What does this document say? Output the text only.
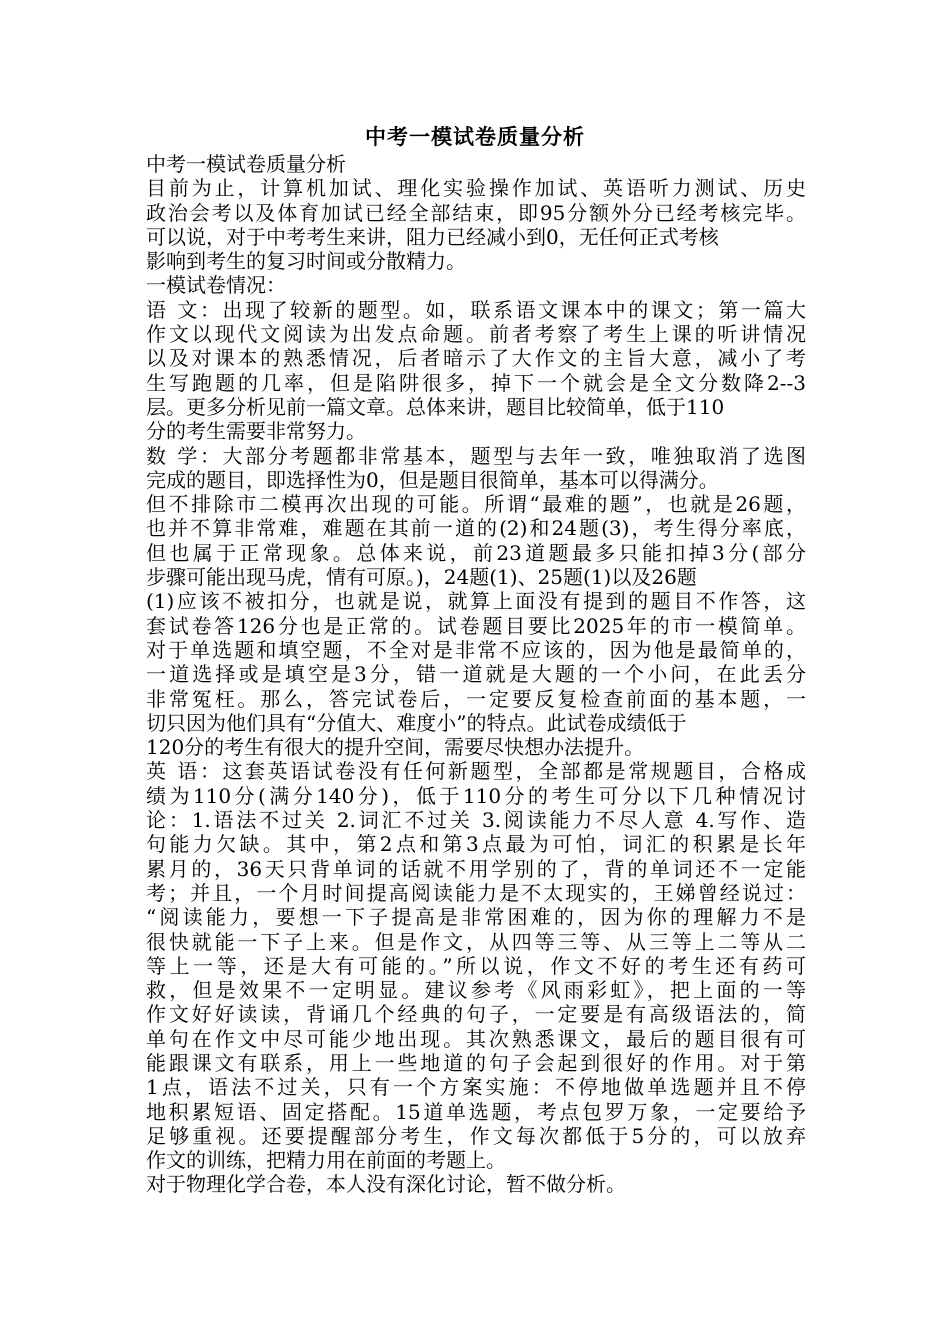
中考一模试卷质量分析
中考一模试卷质量分析
目前为止，计算机加试、理化实验操作加试、英语听力测试、历史
政治会考以及体育加试已经全部结束，即95分额外分已经考核完毕。
可以说，对于中考考生来讲，阻力已经减小到0，无任何正式考核
影响到考生的复习时间或分散精力。
一模试卷情况：
语 文：出现了较新的题型。如，联系语文课本中的课文；第一篇大
作文以现代文阅读为出发点命题。前者考察了考生上课的听讲情况
以及对课本的熟悉情况，后者暗示了大作文的主旨大意，减小了考
生写跑题的几率，但是陷阱很多，掉下一个就会是全文分数降2--3
层。更多分析见前一篇文章。总体来讲，题目比较简单，低于110
分的考生需要非常努力。
数 学：大部分考题都非常基本，题型与去年一致，唯独取消了选图
完成的题目，即选择性为0，但是题目很简单，基本可以得满分。
但不排除市二模再次出现的可能。所谓“最难的题”，也就是26题，
也并不算非常难，难题在其前一道的(2)和24题(3)，考生得分率底，
但也属于正常现象。总体来说，前23道题最多只能扣掉3分(部分
步骤可能出现马虎，情有可原。)，24题(1)、25题(1)以及26题
(1)应该不被扣分，也就是说，就算上面没有提到的题目不作答，这
套试卷答126分也是正常的。试卷题目要比2025年的市一模简单。
对于单选题和填空题，不全对是非常不应该的，因为他是最简单的，
一道选择或是填空是3分，错一道就是大题的一个小问，在此丢分
非常冤枉。那么，答完试卷后，一定要反复检查前面的基本题，一
切只因为他们具有“分值大、难度小”的特点。此试卷成绩低于
120分的考生有很大的提升空间，需要尽快想办法提升。
英 语：这套英语试卷没有任何新题型，全部都是常规题目，合格成
绩为110分(满分140分)，低于110分的考生可分以下几种情况讨
论：1.语法不过关 2.词汇不过关 3.阅读能力不尽人意 4.写作、造
句能力欠缺。其中，第2点和第3点最为可怕，词汇的积累是长年
累月的，36天只背单词的话就不用学别的了，背的单词还不一定能
考；并且，一个月时间提高阅读能力是不太现实的，王娣曾经说过：
“阅读能力，要想一下子提高是非常困难的，因为你的理解力不是
很快就能一下子上来。但是作文，从四等三等、从三等上二等从二
等上一等，还是大有可能的。”所以说，作文不好的考生还有药可
救，但是效果不一定明显。建议参考《风雨彩虹》，把上面的一等
作文好好读读，背诵几个经典的句子，一定要是有高级语法的，简
单句在作文中尽可能少地出现。其次熟悉课文，最后的题目很有可
能跟课文有联系，用上一些地道的句子会起到很好的作用。对于第
1点，语法不过关，只有一个方案实施：不停地做单选题并且不停
地积累短语、固定搭配。15道单选题，考点包罗万象，一定要给予
足够重视。还要提醒部分考生，作文每次都低于5分的，可以放弃
作文的训练，把精力用在前面的考题上。
对于物理化学合卷，本人没有深化讨论，暂不做分析。
